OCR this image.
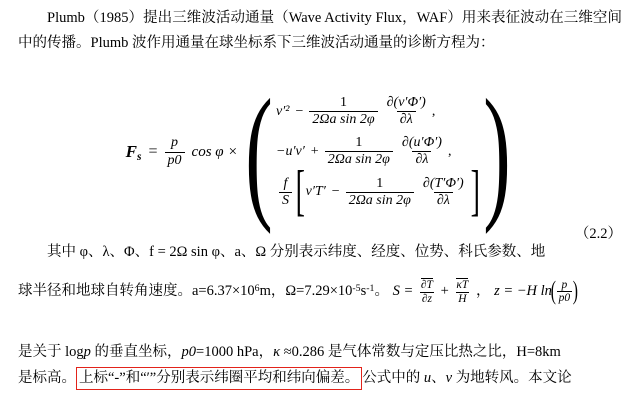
Plumb（1985）提出三维波活动通量（Wave Activity Flux，WAF）用来表征波动在三维空间中的传播。Plumb 波作用通量在球坐标系下三维波活动通量的诊断方程为：

$F_s = \frac{p}{p0}$ cos φ × ( $v'^2 - \frac{1}{\text{2Ωa sin 2φ}} \frac{\partial(v'\Phi')}{\partial\lambda}$ ,
$-u'v' + \frac{1}{\text{2Ωa sin 2φ}} \frac{\partial(u'\Phi')}{\partial\lambda}$ ,
$\frac{f}{S}$ [ $v'T' - \frac{1}{\text{2Ωa sin 2φ}} \frac{\partial(T'\Phi')}{\partial\lambda}$ ] )	（2.2）

其中 φ、λ、Φ、f = 2Ω sin φ、a、Ω 分别表示纬度、经度、位势、科氏参数、地

球半径和地球自转角速度。$a=6.37\times 10^6m$，$\Omega=7.29\times 10^{-5}s^{-1}$。 $S = \frac{\partial T}{\partial z} + \frac{\kappa T}{H}$ ， z = −H $\ln( \frac{p}{p0}$ )

是关于 logp 的垂直坐标，p0=1000 hPa，κ ≈0.286 是气体常数与定压比热之比，H=8km

是标高。 上标“-”和“′”分别表示纬圈平均和纬向偏差。 公式中的 u、v 为地转风。本文论
